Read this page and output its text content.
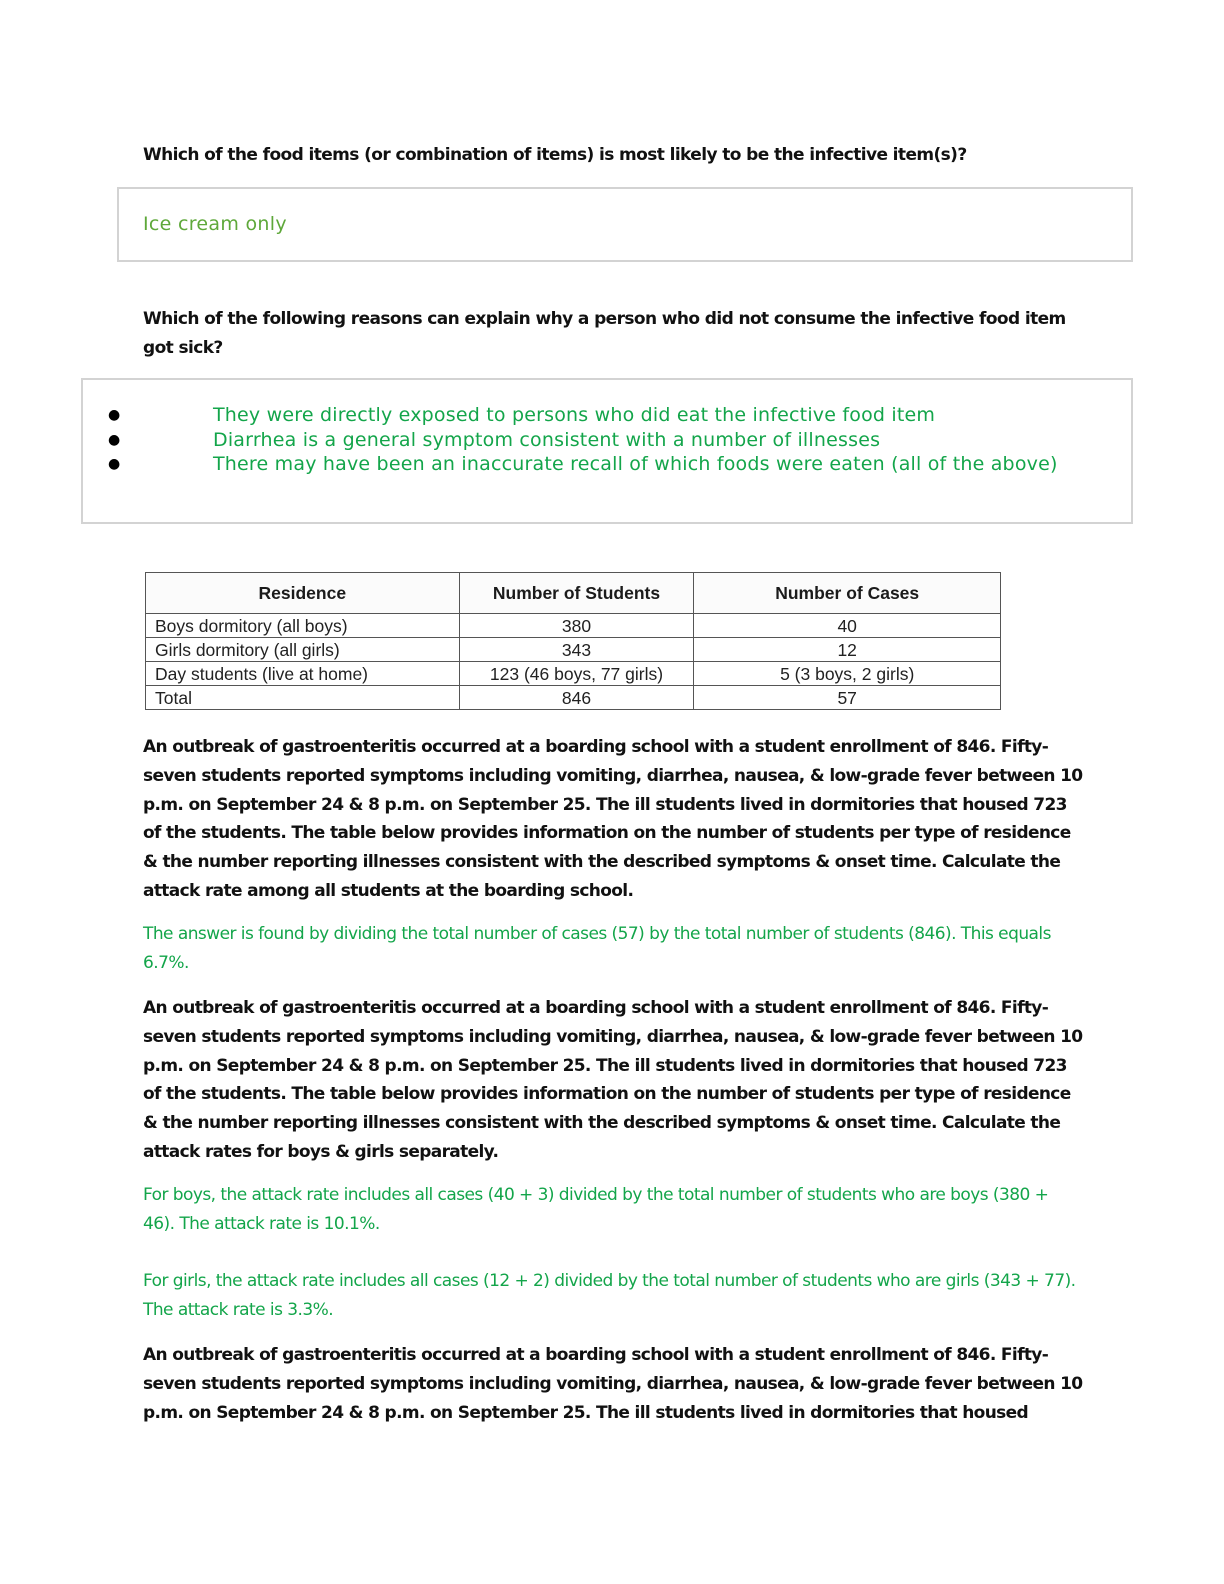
Which of the food items (or combination of items) is most likely to be the infective item(s)?

Ice cream only

Which of the following reasons can explain why a person who did not consume the infective food item got sick?

●	They were directly exposed to persons who did eat the infective food item
●	Diarrhea is a general symptom consistent with a number of illnesses
●	There may have been an inaccurate recall of which foods were eaten (all of the above)
Residence	Number of Students	Number of Cases
Boys dormitory (all boys)	380	40
Girls dormitory (all girls)	343	12
Day students (live at home)	123 (46 boys, 77 girls)	5 (3 boys, 2 girls)
Total	846	57

An outbreak of gastroenteritis occurred at a boarding school with a student enrollment of 846. Fifty-seven students reported symptoms including vomiting, diarrhea, nausea, & low-grade fever between 10 p.m. on September 24 & 8 p.m. on September 25. The ill students lived in dormitories that housed 723 of the students. The table below provides information on the number of students per type of residence & the number reporting illnesses consistent with the described symptoms & onset time. Calculate the attack rate among all students at the boarding school.

The answer is found by dividing the total number of cases (57) by the total number of students (846). This equals 6.7%.

An outbreak of gastroenteritis occurred at a boarding school with a student enrollment of 846. Fifty-seven students reported symptoms including vomiting, diarrhea, nausea, & low-grade fever between 10 p.m. on September 24 & 8 p.m. on September 25. The ill students lived in dormitories that housed 723 of the students. The table below provides information on the number of students per type of residence & the number reporting illnesses consistent with the described symptoms & onset time. Calculate the attack rates for boys & girls separately.

For boys, the attack rate includes all cases (40 + 3) divided by the total number of students who are boys (380 + 46). The attack rate is 10.1%.

For girls, the attack rate includes all cases (12 + 2) divided by the total number of students who are girls (343 + 77). The attack rate is 3.3%.

An outbreak of gastroenteritis occurred at a boarding school with a student enrollment of 846. Fifty-seven students reported symptoms including vomiting, diarrhea, nausea, & low-grade fever between 10 p.m. on September 24 & 8 p.m. on September 25. The ill students lived in dormitories that housed
